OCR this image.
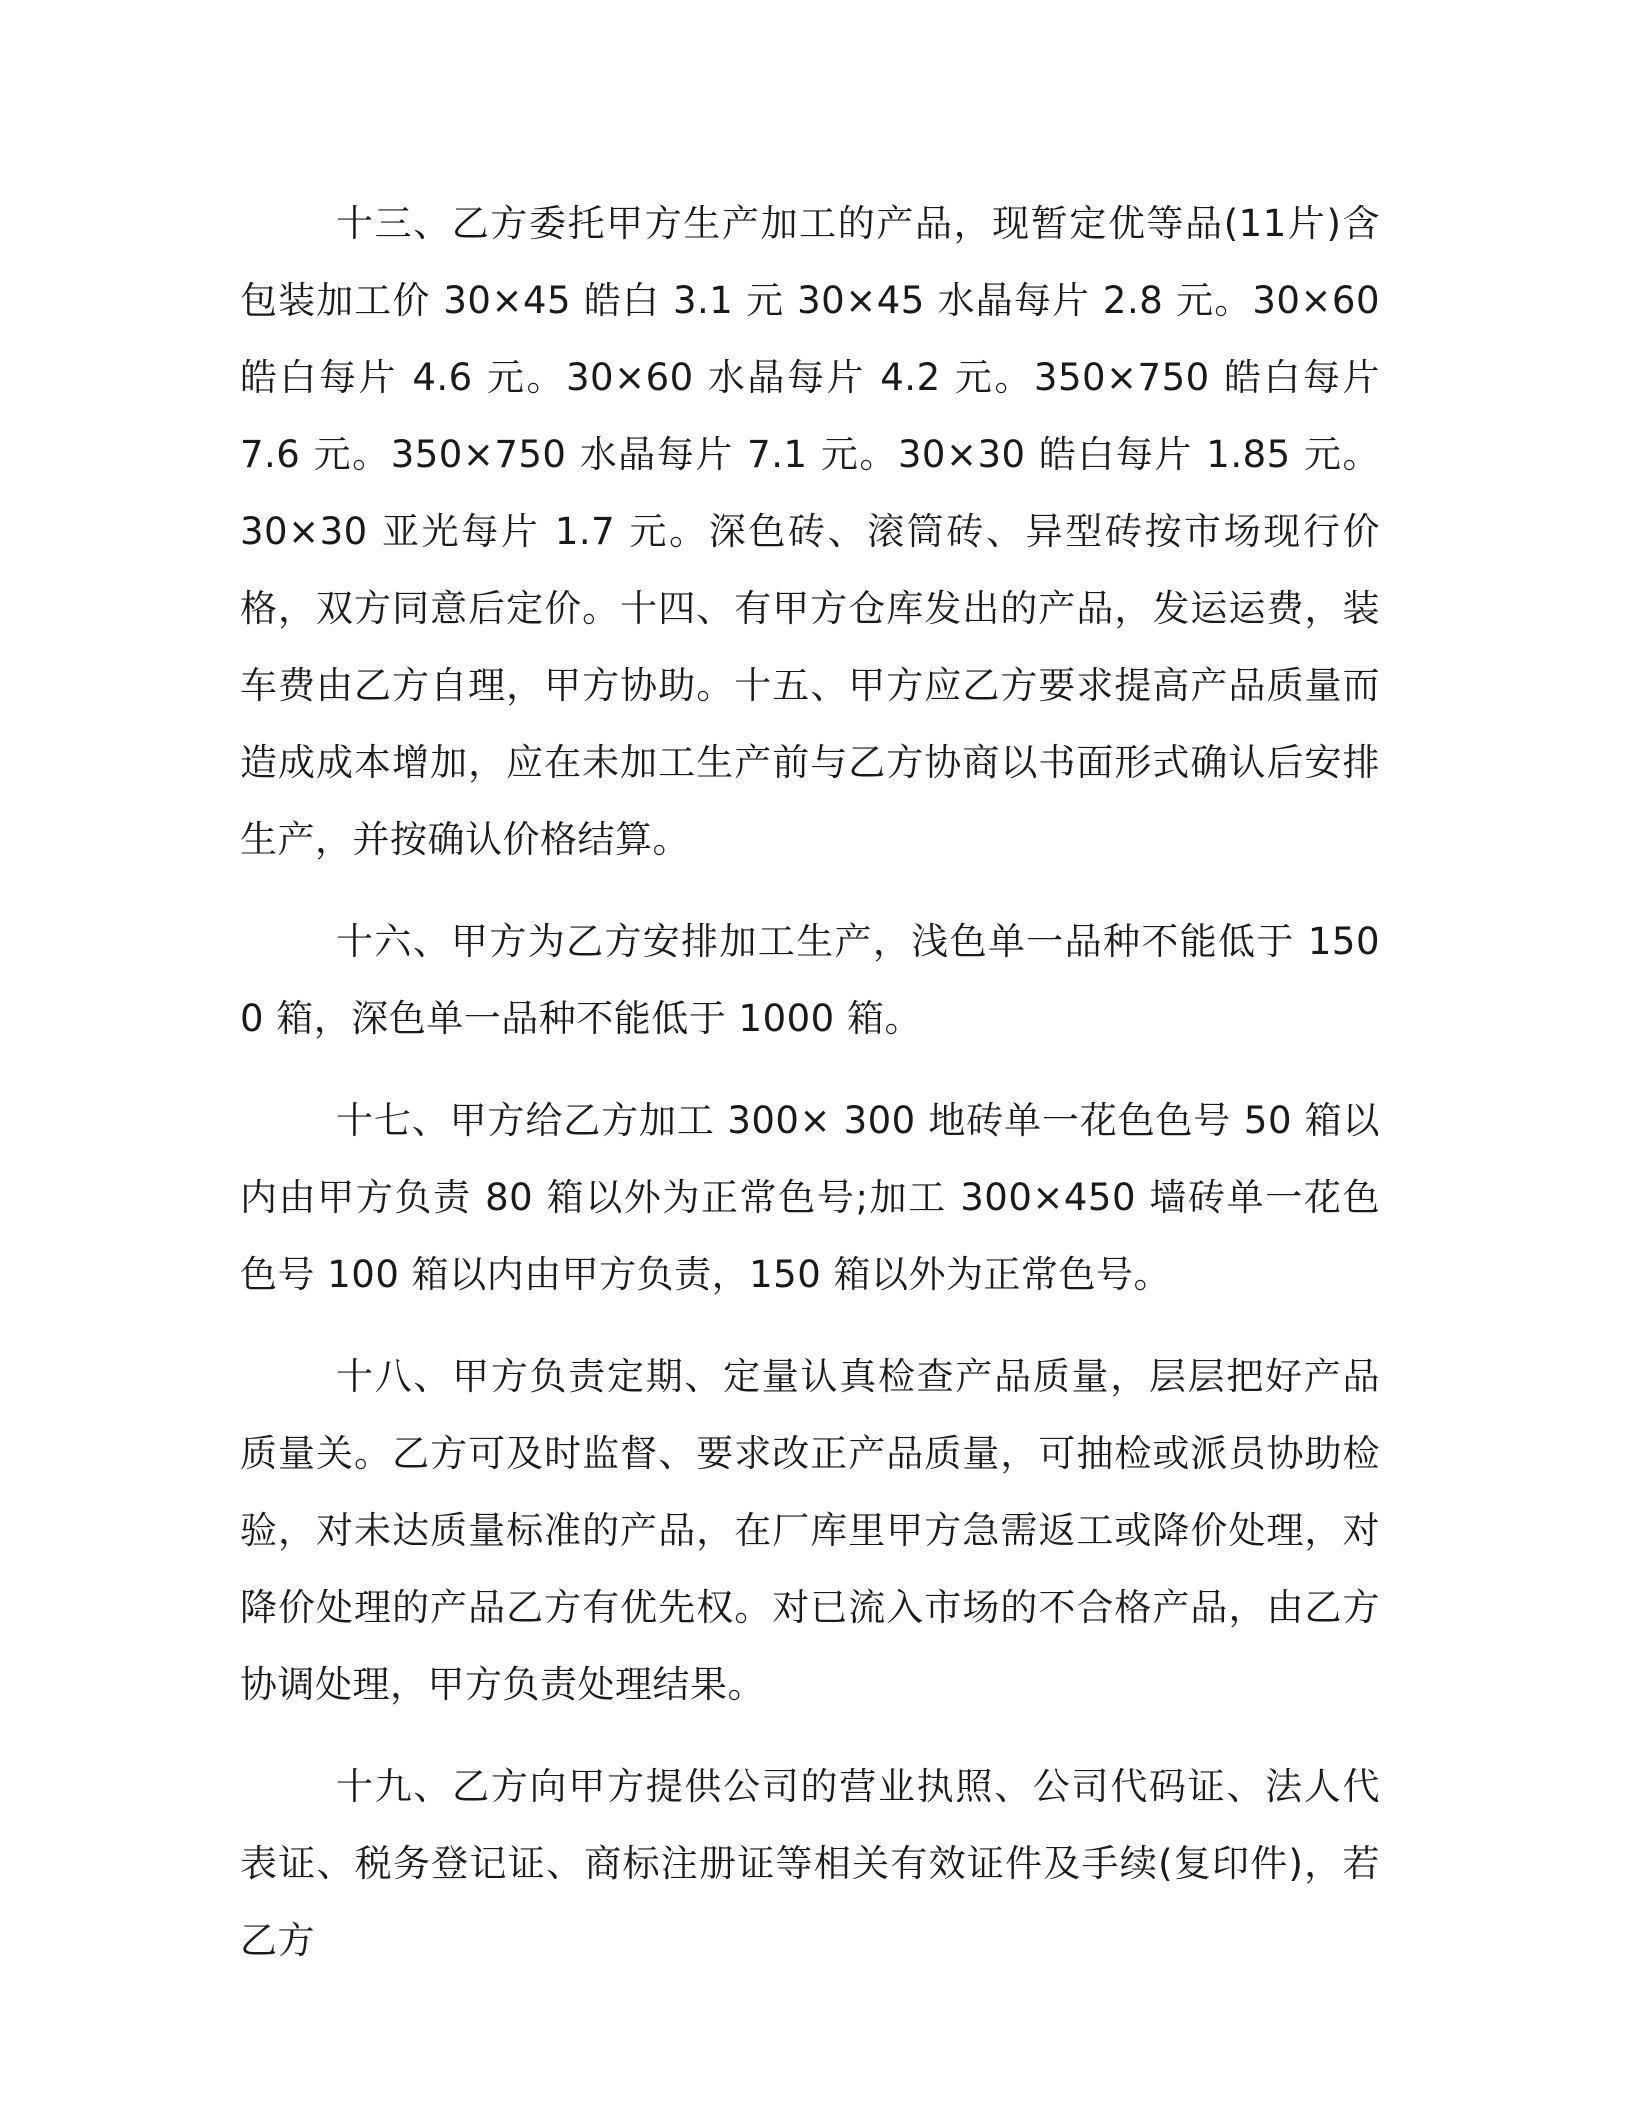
十三、乙方委托甲方生产加工的产品，现暂定优等品(11片)含包装加工价 30×45 皓白 3.1 元 30×45 水晶每片 2.8 元。30×60 皓白每片 4.6 元。30×60 水晶每片 4.2 元。350×750 皓白每片 7.6 元。350×750 水晶每片 7.1 元。30×30 皓白每片 1.85 元。30×30 亚光每片 1.7 元。深色砖、滚筒砖、异型砖按市场现行价格，双方同意后定价。十四、有甲方仓库发出的产品，发运运费，装车费由乙方自理，甲方协助。十五、甲方应乙方要求提高产品质量而造成成本增加，应在未加工生产前与乙方协商以书面形式确认后安排生产，并按确认价格结算。

十六、甲方为乙方安排加工生产，浅色单一品种不能低于 1500 箱，深色单一品种不能低于 1000 箱。

十七、甲方给乙方加工 300× 300 地砖单一花色色号 50 箱以内由甲方负责 80 箱以外为正常色号;加工 300×450 墙砖单一花色色号 100 箱以内由甲方负责，150 箱以外为正常色号。

十八、甲方负责定期、定量认真检查产品质量，层层把好产品质量关。乙方可及时监督、要求改正产品质量，可抽检或派员协助检验，对未达质量标准的产品，在厂库里甲方急需返工或降价处理，对降价处理的产品乙方有优先权。对已流入市场的不合格产品，由乙方协调处理，甲方负责处理结果。

十九、乙方向甲方提供公司的营业执照、公司代码证、法人代表证、税务登记证、商标注册证等相关有效证件及手续(复印件)，若乙方
